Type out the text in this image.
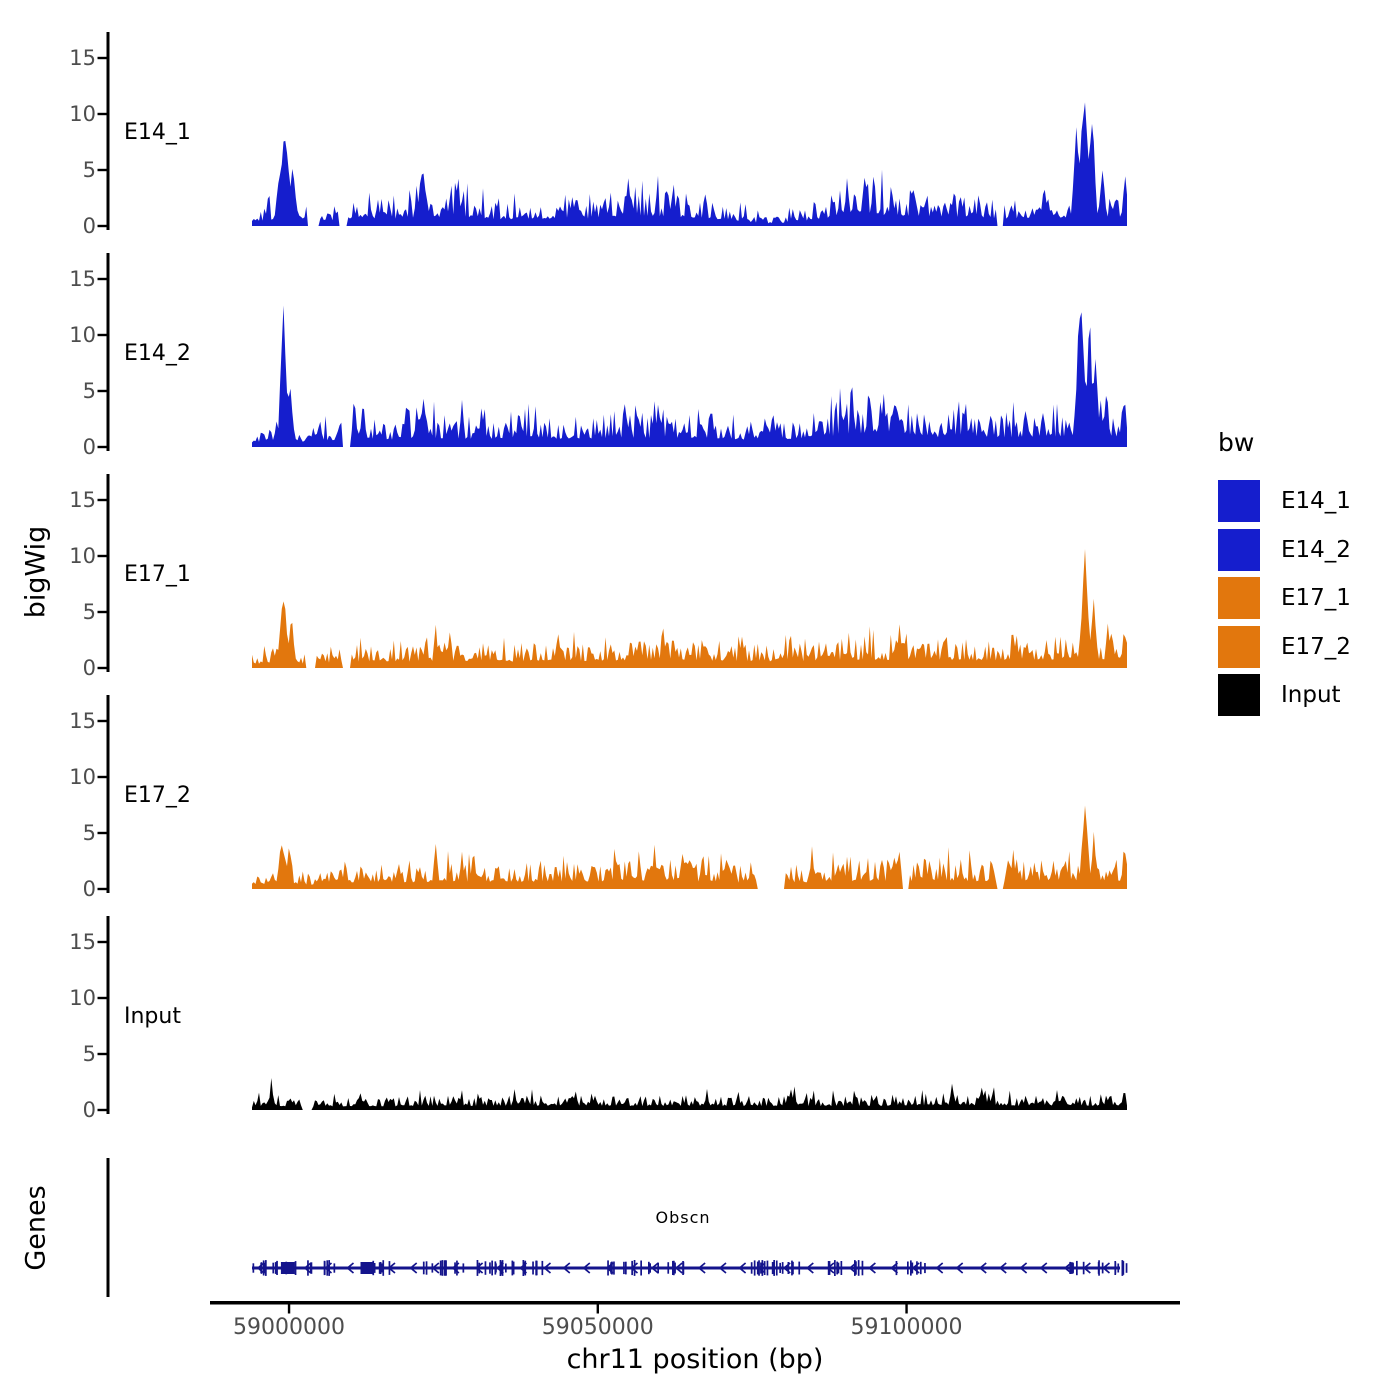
bigWig
Genes	Obscn
chr11 position (bp)
bw
E14_1
E14_2
E17_1
E17_2
Input
0
5
10
15
E14_1
0
5
10
15
E14_2
0
5
10
15
E17_1
0
5
10
15
E17_2
0
5
10
15
Input
59000000	59050000	59100000
